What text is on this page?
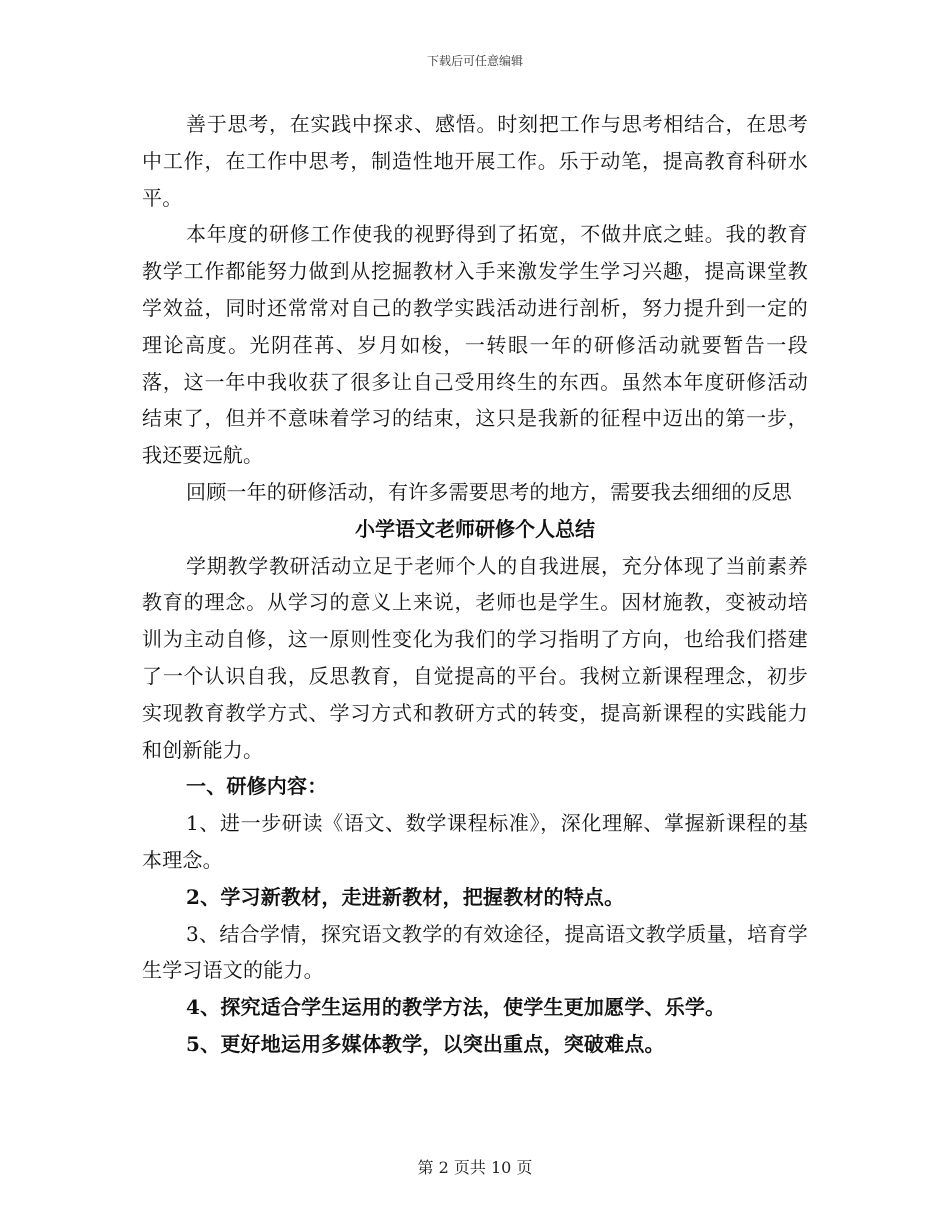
下载后可任意编辑

善于思考，在实践中探求、感悟。时刻把工作与思考相结合，在思考中工作，在工作中思考，制造性地开展工作。乐于动笔，提高教育科研水平。

本年度的研修工作使我的视野得到了拓宽，不做井底之蛙。我的教育教学工作都能努力做到从挖掘教材入手来激发学生学习兴趣，提高课堂教学效益，同时还常常对自己的教学实践活动进行剖析，努力提升到一定的理论高度。光阴荏苒、岁月如梭，一转眼一年的研修活动就要暂告一段落，这一年中我收获了很多让自己受用终生的东西。虽然本年度研修活动结束了，但并不意味着学习的结束，这只是我新的征程中迈出的第一步，我还要远航。

回顾一年的研修活动，有许多需要思考的地方，需要我去细细的反思

小学语文老师研修个人总结

学期教学教研活动立足于老师个人的自我进展，充分体现了当前素养教育的理念。从学习的意义上来说，老师也是学生。因材施教，变被动培训为主动自修，这一原则性变化为我们的学习指明了方向，也给我们搭建了一个认识自我，反思教育，自觉提高的平台。我树立新课程理念，初步实现教育教学方式、学习方式和教研方式的转变，提高新课程的实践能力和创新能力。

一、研修内容：

1、进一步研读《语文、数学课程标准》，深化理解、掌握新课程的基本理念。

2、学习新教材，走进新教材，把握教材的特点。

3、结合学情，探究语文教学的有效途径，提高语文教学质量，培育学生学习语文的能力。

4、探究适合学生运用的教学方法，使学生更加愿学、乐学。

5、更好地运用多媒体教学，以突出重点，突破难点。

第 2 页共 10 页
